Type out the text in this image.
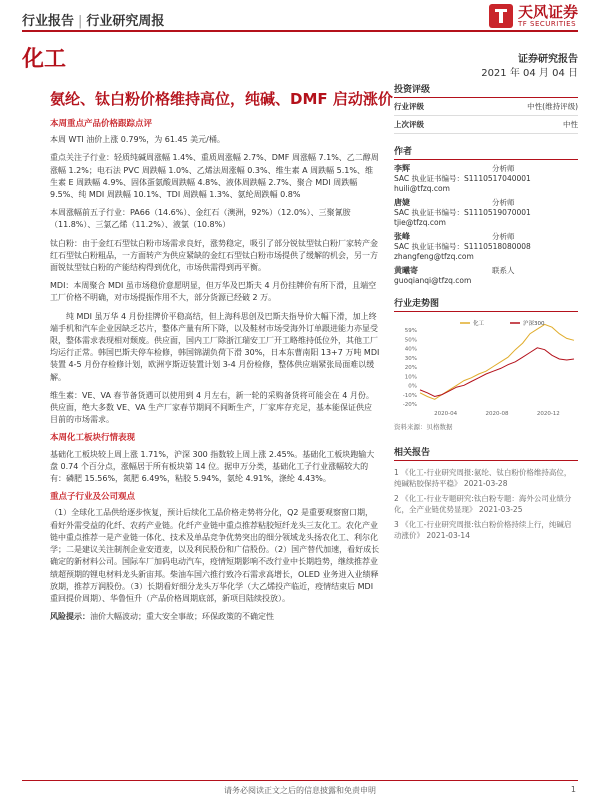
行业报告 | 行业研究周报
天风证券
TF SECURITIES
化工	证券研究报告
2021 年 04 月 04 日
氨纶、钛白粉价格维持高位，纯碱、DMF 启动涨价
本周重点产品价格跟踪点评

本周 WTI 油价上涨 0.79%，为 61.45 美元/桶。

重点关注子行业：轻质纯碱周涨幅 1.4%、重质周涨幅 2.7%、DMF 周涨幅 7.1%、乙二醇周涨幅 1.2%；电石法 PVC 周跌幅 1.0%、乙烯法周涨幅 0.3%、维生素 A 周跌幅 5.1%、维生素 E 周跌幅 4.9%、固体蛋氨酸周跌幅 4.8%、液体周跌幅 2.7%、聚合 MDI 周跌幅 9.5%、纯 MDI 周跌幅 10.1%、TDI 周跌幅 1.3%、氨纶周跌幅 0.8%

本周涨幅前五子行业：PA66（14.6%）、金红石（澳洲，92%）（12.0%）、三聚氰胺（11.8%）、三氯乙烯（11.2%）、液氯（10.8%）

钛白粉：由于金红石型钛白粉市场需求良好，涨势稳定，吸引了部分锐钛型钛白粉厂家转产金红石型钛白粉粗品，一方面转产为供应紧缺的金红石型钛白粉市场提供了缓解的机会，另一方面锐钛型钛白粉的产能结构得到优化，市场供需得到再平衡。

MDI：本周聚合 MDI 虽市场稳价意愿明显，但万华及巴斯夫 4 月份挂牌价有所下滑，且端空工厂价格不明确，对市场提振作用不大，部分货源已经破 2 万。

纯 MDI 虽万华 4 月份挂牌价平稳高结，但上海科思创及巴斯夫指导价大幅下滑，加上终端手机和汽车企业因缺乏芯片，整体产量有所下降，以及鞋材市场受海外订单跟进能力亦显受限，整体需求表现相对颓废。供应面，国内工厂除浙江瑞安工厂开工略维持低位外，其他工厂均运行正常。韩国巴斯夫停车检修，韩国锦湖负荷下滑 30%，日本东曹南阳 13+7 万吨 MDI 装置 4-5 月份存检修计划，欧洲亨斯迈装置计划 3-4 月份检修，整体供应端紧张局面难以缓解。

维生素：VE、VA 春节备货遇可以使用到 4 月左右，新一轮的采购备货将可能会在 4 月份。供应面，绝大多数 VE、VA 生产厂家春节期间不间断生产，厂家库存充足，基本能保证供应目前的市场需求。

本周化工板块行情表现

基础化工板块较上周上涨 1.71%，沪深 300 指数较上周上涨 2.45%。基础化工板块跑输大盘 0.74 个百分点，涨幅居于所有板块第 14 位。据申万分类，基础化工子行业涨幅较大的有：磷肥 15.56%，氮肥 6.49%，粘胶 5.94%，氨纶 4.91%，涤纶 4.43%。

重点子行业及公司观点

（1）全球化工品供给逐步恢复，预计后续化工品价格走势将分化，Q2 是重要观察窗口期，看好外需受益的化纤、农药产业链。化纤产业链中重点推荐粘胶短纤龙头三友化工。农化产业链中重点推荐一是产业链一体化、技术及单品竞争优势突出的细分领域龙头扬农化工、利尔化学；二是建议关注制剂企业安道麦，以及利民股份和广信股份。（2）国产替代加速，看好成长确定的新材料公司。国际车厂加码电动汽车，疫情短期影响不改行业中长期趋势，继续推荐业绩超预期的锂电材料龙头新宙邦。柴油车国六推行致冷石需求高增长，OLED 业务进入业绩释放期，推荐万润股份。（3）长期看好细分龙头万华化学（大乙烯投产临近，疫情结束后 MDI 重回提价周期）、华鲁恒升（产品价格周期底部，新项目陆续投放）。

风险提示：油价大幅波动；重大安全事故；环保政策的不确定性

投资评级
行业评级	中性(维持评级)
上次评级	中性
作者
李辉	分析师
SAC 执业证书编号：S1110517040001
huili@tfzq.com
唐婕	分析师
SAC 执业证书编号：S1110519070001
tjie@tfzq.com
张峰	分析师
SAC 执业证书编号：S1110518080008
zhangfeng@tfzq.com
黄曦寄	联系人
guoqianqi@tfzq.com
行业走势图
59%
50%
40%
30%
20%
10%
0%
-10%
-20%
2020-04	2020-08	2020-12
化工	沪深300
资料来源：贝格数据
相关报告
1 《化工-行业研究周报:氨纶、钛白粉价格维持高位，纯碱粘胶保持平稳》 2021-03-28
2 《化工-行业专题研究:钛白粉专题：海外公司业绩分化，全产业链优势显现》 2021-03-25
3 《化工-行业研究周报:钛白粉价格持续上行，纯碱启动涨价》 2021-03-14
请务必阅读正文之后的信息披露和免责申明	1
